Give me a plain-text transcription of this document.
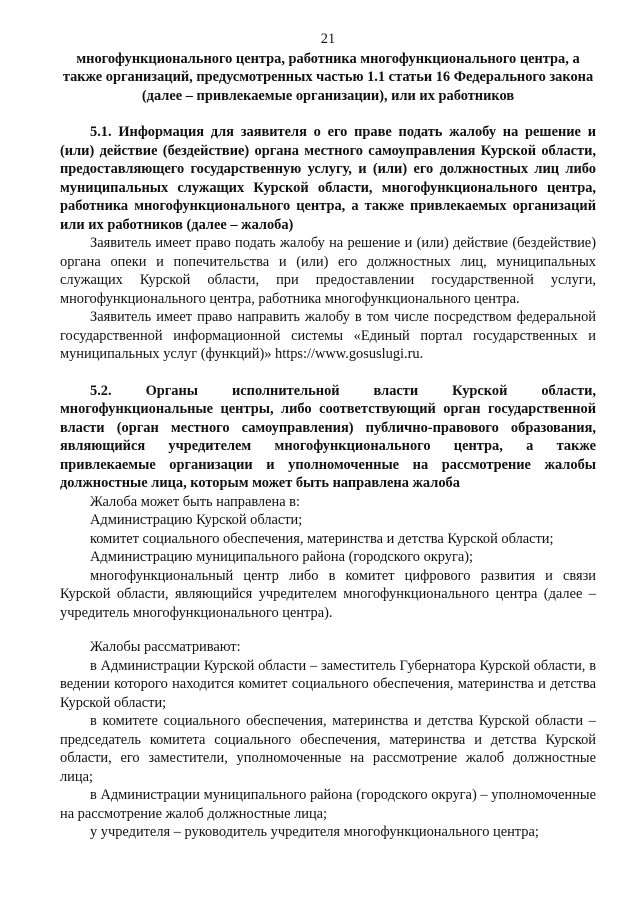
21

многофункционального центра, работника многофункционального центра, а также организаций, предусмотренных частью 1.1 статьи 16 Федерального закона (далее – привлекаемые организации), или их работников

5.1. Информация для заявителя о его праве подать жалобу на решение и (или) действие (бездействие) органа местного самоуправления Курской области, предоставляющего государственную услугу, и (или) его должностных лиц либо муниципальных служащих Курской области, многофункционального центра, работника многофункционального центра, а также привлекаемых организаций или их работников (далее – жалоба)

Заявитель имеет право подать жалобу на решение и (или) действие (бездействие) органа опеки и попечительства и (или) его должностных лиц, муниципальных служащих Курской области, при предоставлении государственной услуги, многофункционального центра, работника многофункционального центра.

Заявитель имеет право направить жалобу в том числе посредством федеральной государственной информационной системы «Единый портал государственных и муниципальных услуг (функций)» https://www.gosuslugi.ru.

5.2. Органы исполнительной власти Курской области, многофункциональные центры, либо соответствующий орган государственной власти (орган местного самоуправления) публично-правового образования, являющийся учредителем многофункционального центра, а также привлекаемые организации и уполномоченные на рассмотрение жалобы должностные лица, которым может быть направлена жалоба

Жалоба может быть направлена в:

Администрацию Курской области;

комитет социального обеспечения, материнства и детства Курской области;

Администрацию муниципального района (городского округа);

многофункциональный центр либо в комитет цифрового развития и связи Курской области, являющийся учредителем многофункционального центра (далее – учредитель многофункционального центра).

Жалобы рассматривают:

в Администрации Курской области – заместитель Губернатора Курской области, в ведении которого находится комитет социального обеспечения, материнства и детства Курской области;

в комитете социального обеспечения, материнства и детства Курской области – председатель комитета социального обеспечения, материнства и детства Курской области, его заместители, уполномоченные на рассмотрение жалоб должностные лица;

в Администрации муниципального района (городского округа) – уполномоченные на рассмотрение жалоб должностные лица;

у учредителя – руководитель учредителя многофункционального центра;
